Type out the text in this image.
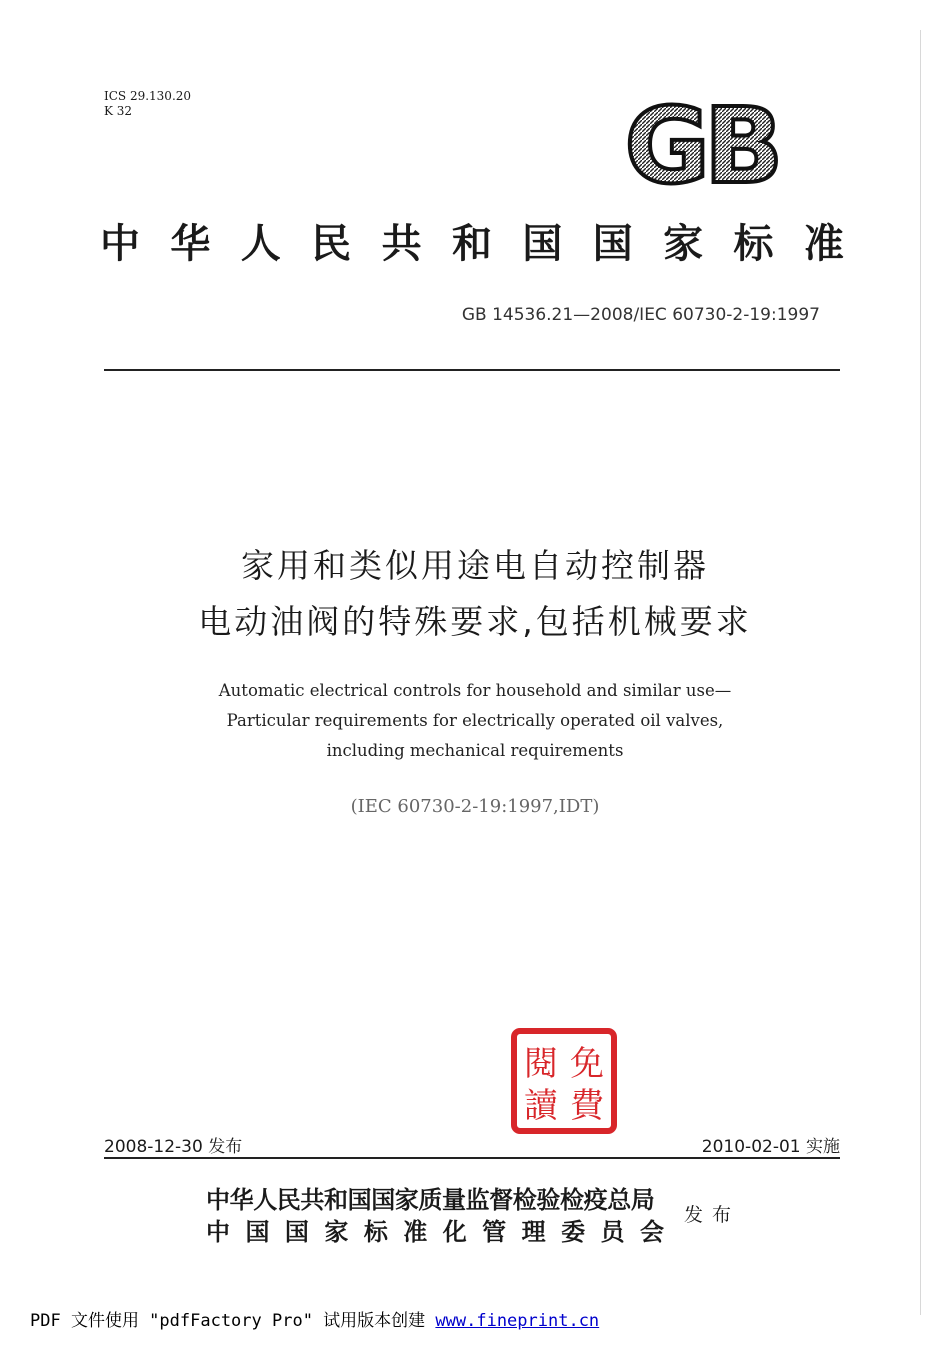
ICS 29.130.20
K 32	GB
中 华 人 民 共 和 国 国 家 标 准
GB 14536.21—2008/IEC 60730-2-19:1997
家用和类似用途电自动控制器
电动油阀的特殊要求,包括机械要求
Automatic electrical controls for household and similar use—
Particular requirements for electrically operated oil valves,
including mechanical requirements
(IEC 60730-2-19:1997,IDT)
閱 免
讀 費
2008-12-30 发布	2010-02-01 实施
中华人民共和国国家质量监督检验检疫总局
中 国 国 家 标 准 化 管 理 委 员 会
发布
PDF 文件使用 "pdfFactory Pro" 试用版本创建 www.fineprint.cn
